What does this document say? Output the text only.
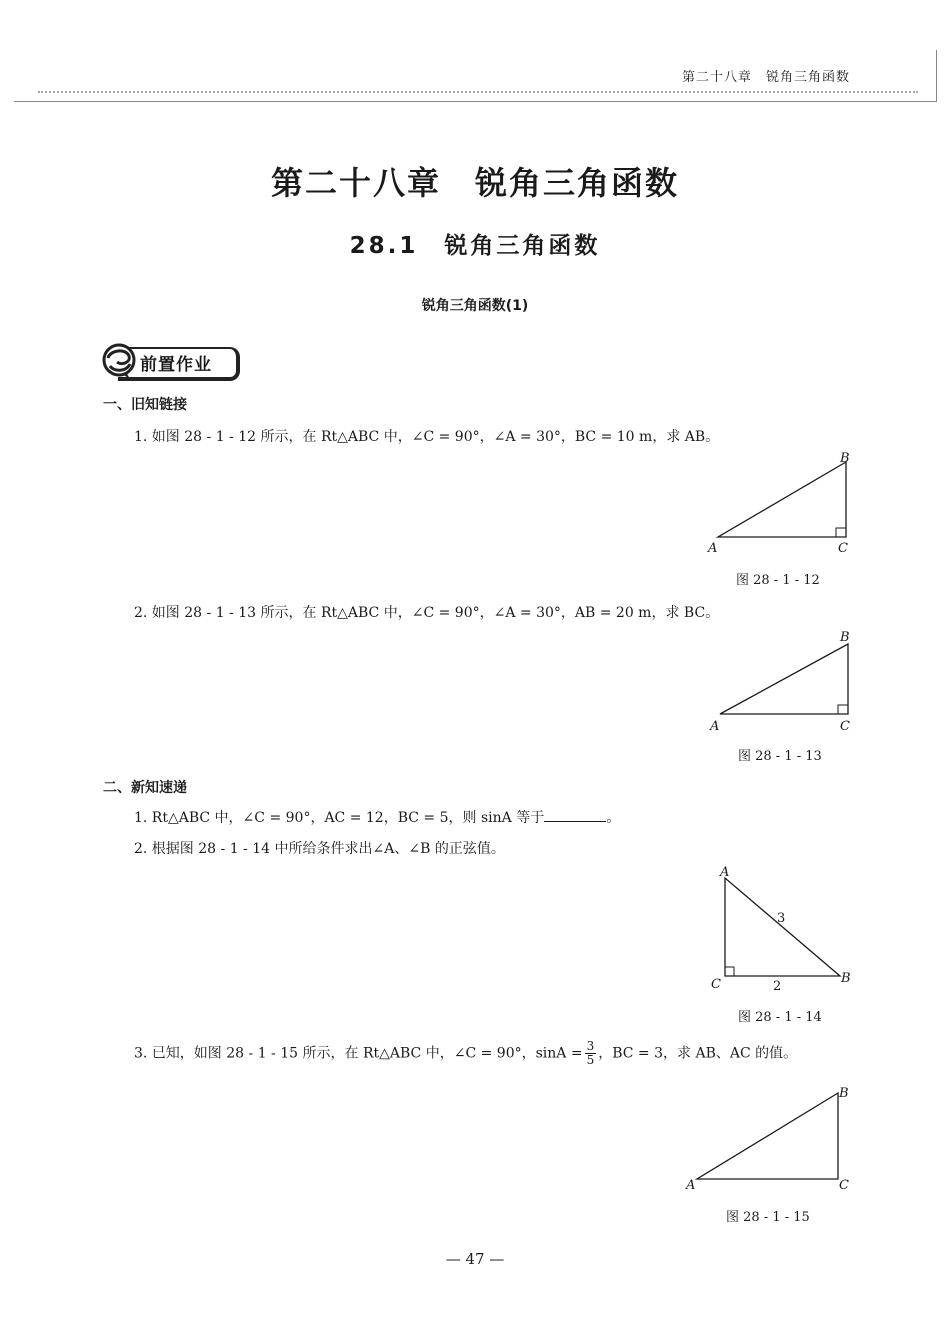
第二十八章　锐角三角函数
第二十八章　锐角三角函数
28.1　锐角三角函数
锐角三角函数(1)
前置作业
一、旧知链接
1. 如图 28 - 1 - 12 所示，在 Rt△ABC 中，∠C = 90°，∠A = 30°，BC = 10 m，求 AB。
A	C
B
图 28 - 1 - 12
2. 如图 28 - 1 - 13 所示，在 Rt△ABC 中，∠C = 90°，∠A = 30°，AB = 20 m，求 BC。
A	C
B
图 28 - 1 - 13
二、新知速递
1. Rt△ABC 中，∠C = 90°，AC = 12，BC = 5，则 sinA 等于	。
2. 根据图 28 - 1 - 14 中所给条件求出∠A、∠B 的正弦值。
A
C	B
3
2
图 28 - 1 - 14
3. 已知，如图 28 - 1 - 15 所示，在 Rt△ABC 中，∠C = 90°，$\sin A = \frac{3}{5}$ ，BC = 3，求 AB、AC 的值。
A	C
B
图 28 - 1 - 15
— 47 —
